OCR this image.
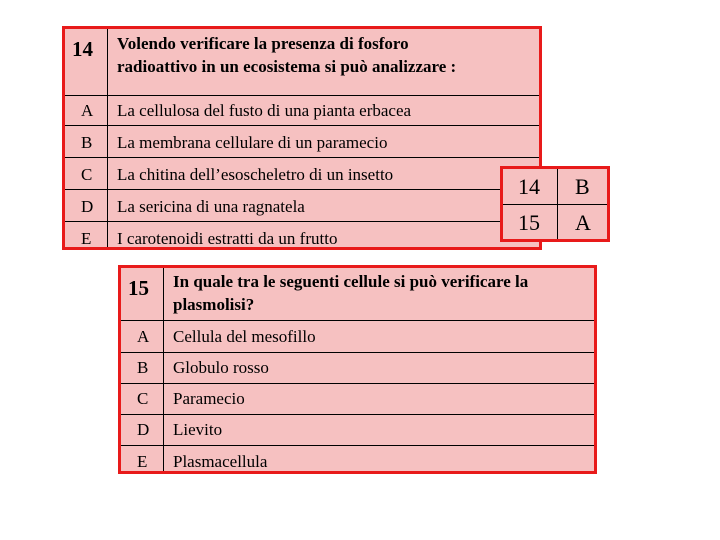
14 Volendo verificare la presenza di fosforo
radioattivo in un ecosistema si può analizzare :
A La cellulosa del fusto di una pianta erbacea
B La membrana cellulare di un paramecio
C La chitina dell’esoscheletro di un insetto
D La sericina di una ragnatela
E I carotenoidi estratti da un frutto
14 B
15 A
15 In quale tra le seguenti cellule si può verificare la
plasmolisi?
A Cellula del mesofillo
B Globulo rosso
C Paramecio
D Lievito
E Plasmacellula
